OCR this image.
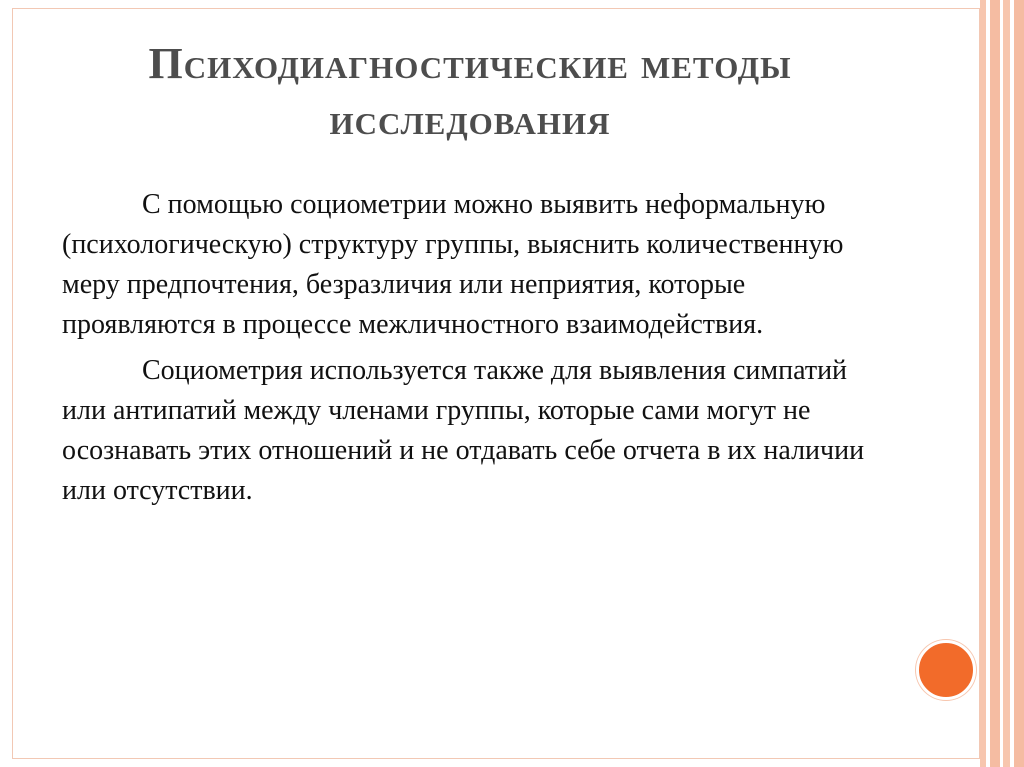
Психодиагностические методы
исследования

С помощью социометрии можно выявить неформальную (психологическую) структуру группы, выяснить количественную меру предпочтения, безразличия или неприятия, которые проявляются в процессе межличностного взаимодействия.

Социометрия используется также для выявления симпатий или антипатий между членами группы, которые сами могут не осознавать этих отношений и не отдавать себе отчета в их наличии или отсутствии.
